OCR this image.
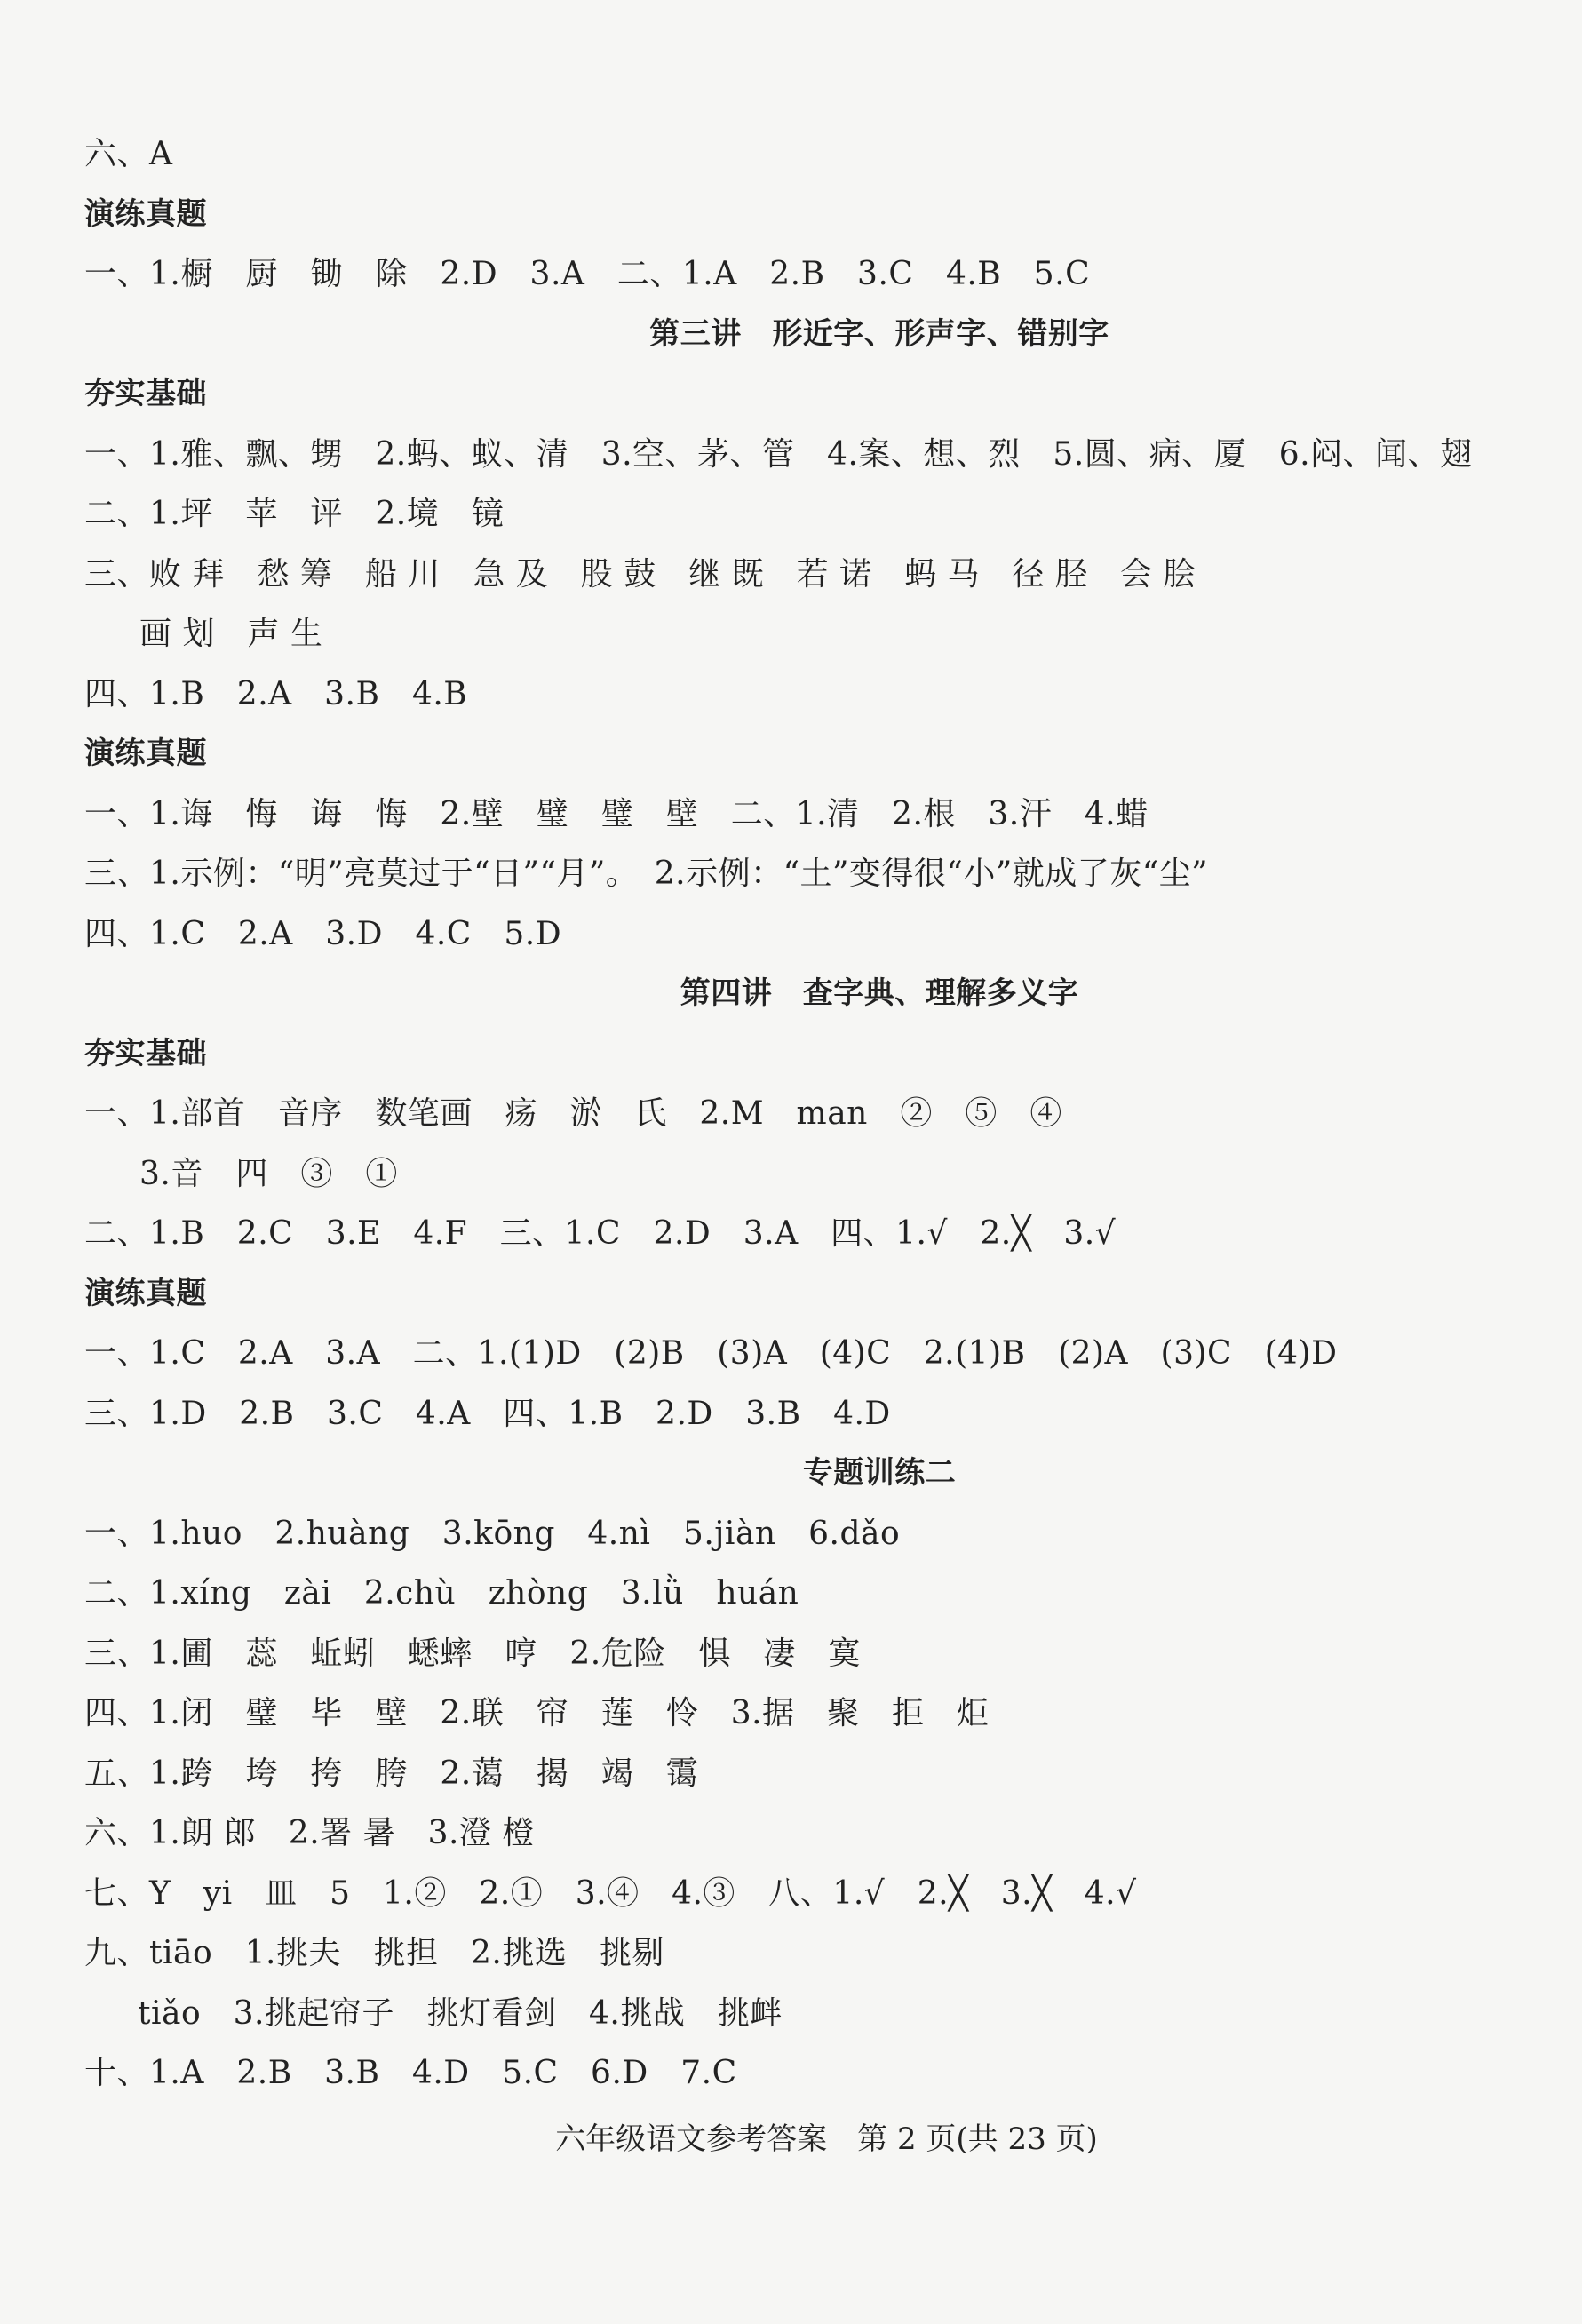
六、A
演练真题
一、1.橱　厨　锄　除　2.D　3.A　二、1.A　2.B　3.C　4.B　5.C
第三讲　形近字、形声字、错别字
夯实基础
一、1.雅、飘、甥　2.蚂、蚁、清　3.空、茅、管　4.案、想、烈　5.圆、病、厦　6.闷、闻、翅
二、1.坪　苹　评　2.境　镜
三、败 拜　愁 筹　船 川　急 及　股 鼓　继 既　若 诺　蚂 马　径 胫　会 脍
画 划　声 生
四、1.B　2.A　3.B　4.B
演练真题
一、1.诲　悔　诲　悔　2.壁　璧　璧　壁　二、1.清　2.根　3.汗　4.蜡
三、1.示例：“明”亮莫过于“日”“月”。　2.示例：“土”变得很“小”就成了灰“尘”
四、1.C　2.A　3.D　4.C　5.D
第四讲　查字典、理解多义字
夯实基础
一、1.部首　音序　数笔画　疡　淤　氏　2.M　man　②　⑤　④
3.音　四　③　①
二、1.B　2.C　3.E　4.F　三、1.C　2.D　3.A　四、1.√　2.╳　3.√
演练真题
一、1.C　2.A　3.A　二、1.(1)D　(2)B　(3)A　(4)C　2.(1)B　(2)A　(3)C　(4)D
三、1.D　2.B　3.C　4.A　四、1.B　2.D　3.B　4.D
专题训练二
一、1.huo　2.huàng　3.kōng　4.nì　5.jiàn　6.dǎo
二、1.xíng　zài　2.chù　zhòng　3.lǜ　huán
三、1.圃　蕊　蚯蚓　蟋蟀　哼　2.危险　惧　凄　寞
四、1.闭　璧　毕　壁　2.联　帘　莲　怜　3.据　聚　拒　炬
五、1.跨　垮　挎　胯　2.蔼　揭　竭　霭
六、1.朗 郎　2.署 暑　3.澄 橙
七、Y　yi　皿　5　1.②　2.①　3.④　4.③　八、1.√　2.╳　3.╳　4.√
九、tiāo　1.挑夫　挑担　2.挑选　挑剔
tiǎo　3.挑起帘子　挑灯看剑　4.挑战　挑衅
十、1.A　2.B　3.B　4.D　5.C　6.D　7.C
六年级语文参考答案　第 2 页(共 23 页)
